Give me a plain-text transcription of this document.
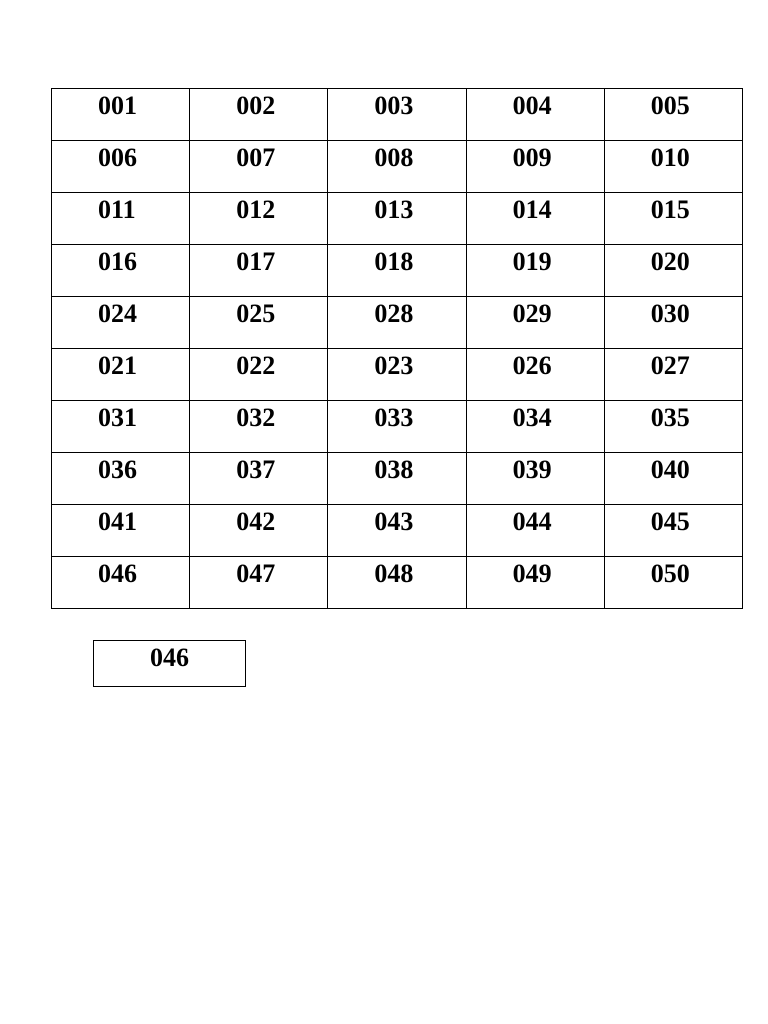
001	002	003	004	005
006	007	008	009	010
011	012	013	014	015
016	017	018	019	020
024	025	028	029	030
021	022	023	026	027
031	032	033	034	035
036	037	038	039	040
041	042	043	044	045
046	047	048	049	050
046
